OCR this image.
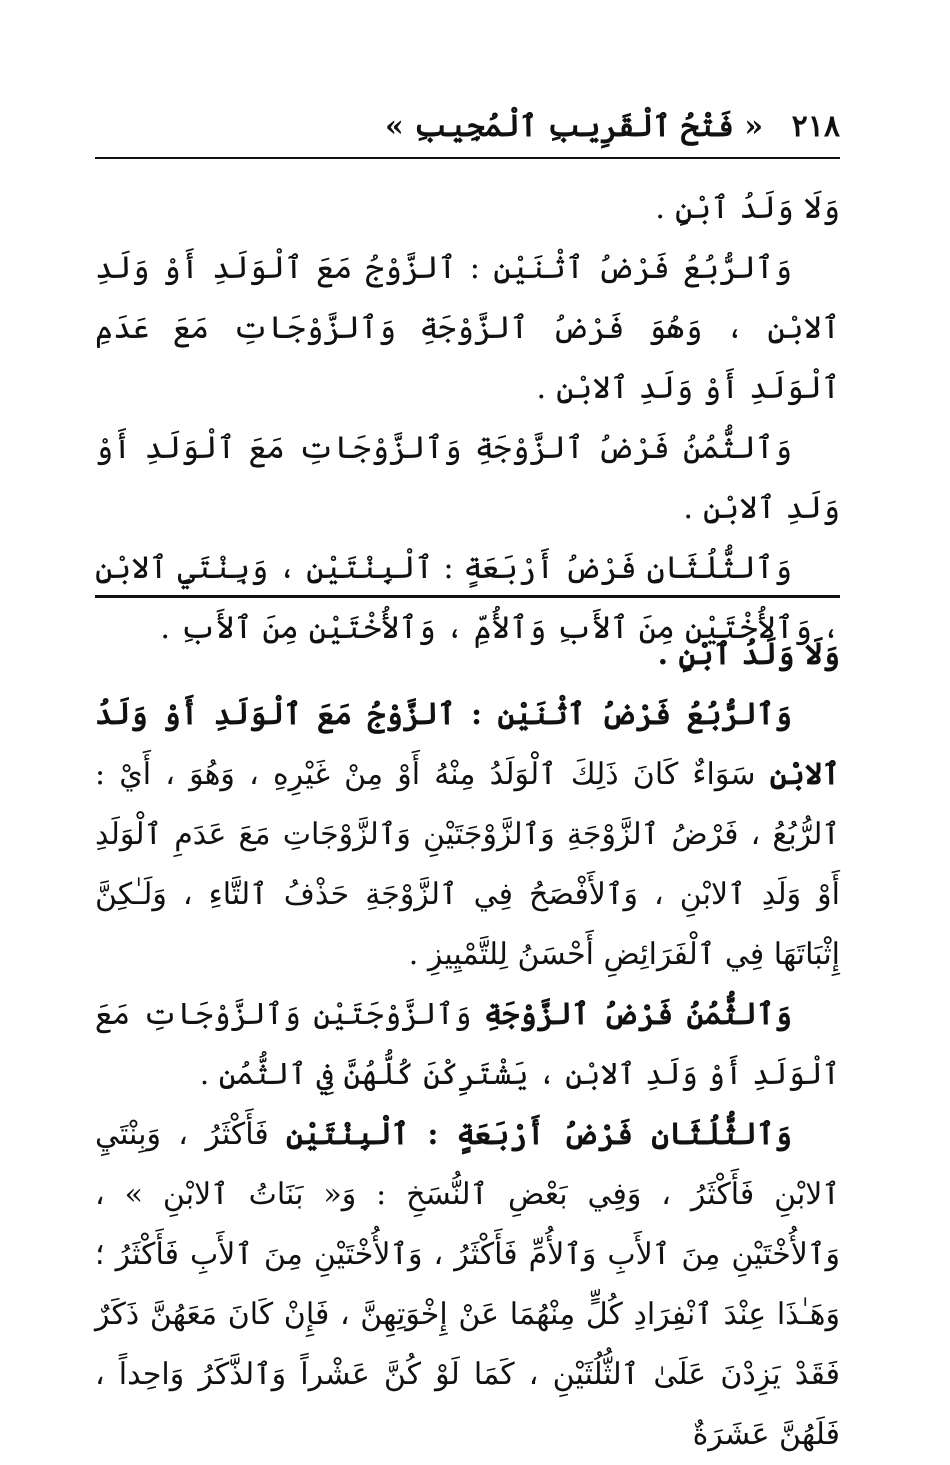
٢١٨
« فَتْحُ ٱلْقَرِيبِ ٱلْمُجِيبِ »

وَلَا وَلَدُ ٱبْنٍ .

وَٱلرُّبُعُ فَرْضُ ٱثْنَيْنِ : ٱلزَّوْجُ مَعَ ٱلْوَلَدِ أَوْ وَلَدِ ٱلابْنِ ، وَهُوَ فَرْضُ ٱلزَّوْجَةِ وَٱلزَّوْجَاتِ مَعَ عَدَمِ ٱلْوَلَدِ أَوْ وَلَدِ ٱلابْنِ .

وَٱلثُّمُنُ فَرْضُ ٱلزَّوْجَةِ وَٱلزَّوْجَاتِ مَعَ ٱلْوَلَدِ أَوْ وَلَدِ ٱلابْنِ .

وَٱلثُّلُثَانِ فَرْضُ أَرْبَعَةٍ : ٱلْبِنْتَيْنِ ، وَبِنْتَيِ ٱلابْنِ ، وَٱلأُخْتَيْنِ مِنَ ٱلأَبِ وَٱلأُمِّ ، وَٱلأُخْتَيْنِ مِنَ ٱلأَبِ .

وَلَا وَلَدُ ٱبْنٍ .

وَٱلرُّبُعُ فَرْضُ ٱثْنَيْنِ : ٱلزَّوْجُ مَعَ ٱلْوَلَدِ أَوْ وَلَدُ ٱلابْنِ سَوَاءٌ كَانَ ذَلِكَ ٱلْوَلَدُ مِنْهُ أَوْ مِنْ غَيْرِهِ ، وَهُوَ ، أَيْ : ٱلرُّبُعُ ، فَرْضُ ٱلزَّوْجَةِ وَٱلزَّوْجَتَيْنِ وَٱلزَّوْجَاتِ مَعَ عَدَمِ ٱلْوَلَدِ أَوْ وَلَدِ ٱلابْنِ ، وَٱلأَفْصَحُ فِي ٱلزَّوْجَةِ حَذْفُ ٱلتَّاءِ ، وَلَـٰكِنَّ إِثْبَاتَهَا فِي ٱلْفَرَائِضِ أَحْسَنُ لِلتَّمْيِيزِ .

وَٱلثُّمُنُ فَرْضُ ٱلزَّوْجَةِ وَٱلزَّوْجَتَيْنِ وَٱلزَّوْجَاتِ مَعَ ٱلْوَلَدِ أَوْ وَلَدِ ٱلابْنِ ، يَشْتَرِكْنَ كُلُّهُنَّ فِي ٱلثُّمُنِ .

وَٱلثُّلُثَانِ فَرْضُ أَرْبَعَةٍ : ٱلْبِنْتَيْنِ فَأَكْثَرُ ، وَبِنْتَيِ ٱلابْنِ فَأَكْثَرُ ، وَفِي بَعْضِ ٱلنُّسَخِ : وَ« بَنَاتُ ٱلابْنِ » ، وَٱلأُخْتَيْنِ مِنَ ٱلأَبِ وَٱلأُمِّ فَأَكْثَرُ ، وَٱلأُخْتَيْنِ مِنَ ٱلأَبِ فَأَكْثَرُ ؛ وَهَـٰذَا عِنْدَ ٱنْفِرَادِ كُلٍّ مِنْهُمَا عَنْ إِخْوَتِهِنَّ ، فَإِنْ كَانَ مَعَهُنَّ ذَكَرٌ فَقَدْ يَزِدْنَ عَلَىٰ ٱلثُّلُثَيْنِ ، كَمَا لَوْ كُنَّ عَشْراً وَٱلذَّكَرُ وَاحِداً ، فَلَهُنَّ عَشَرَةٌ
